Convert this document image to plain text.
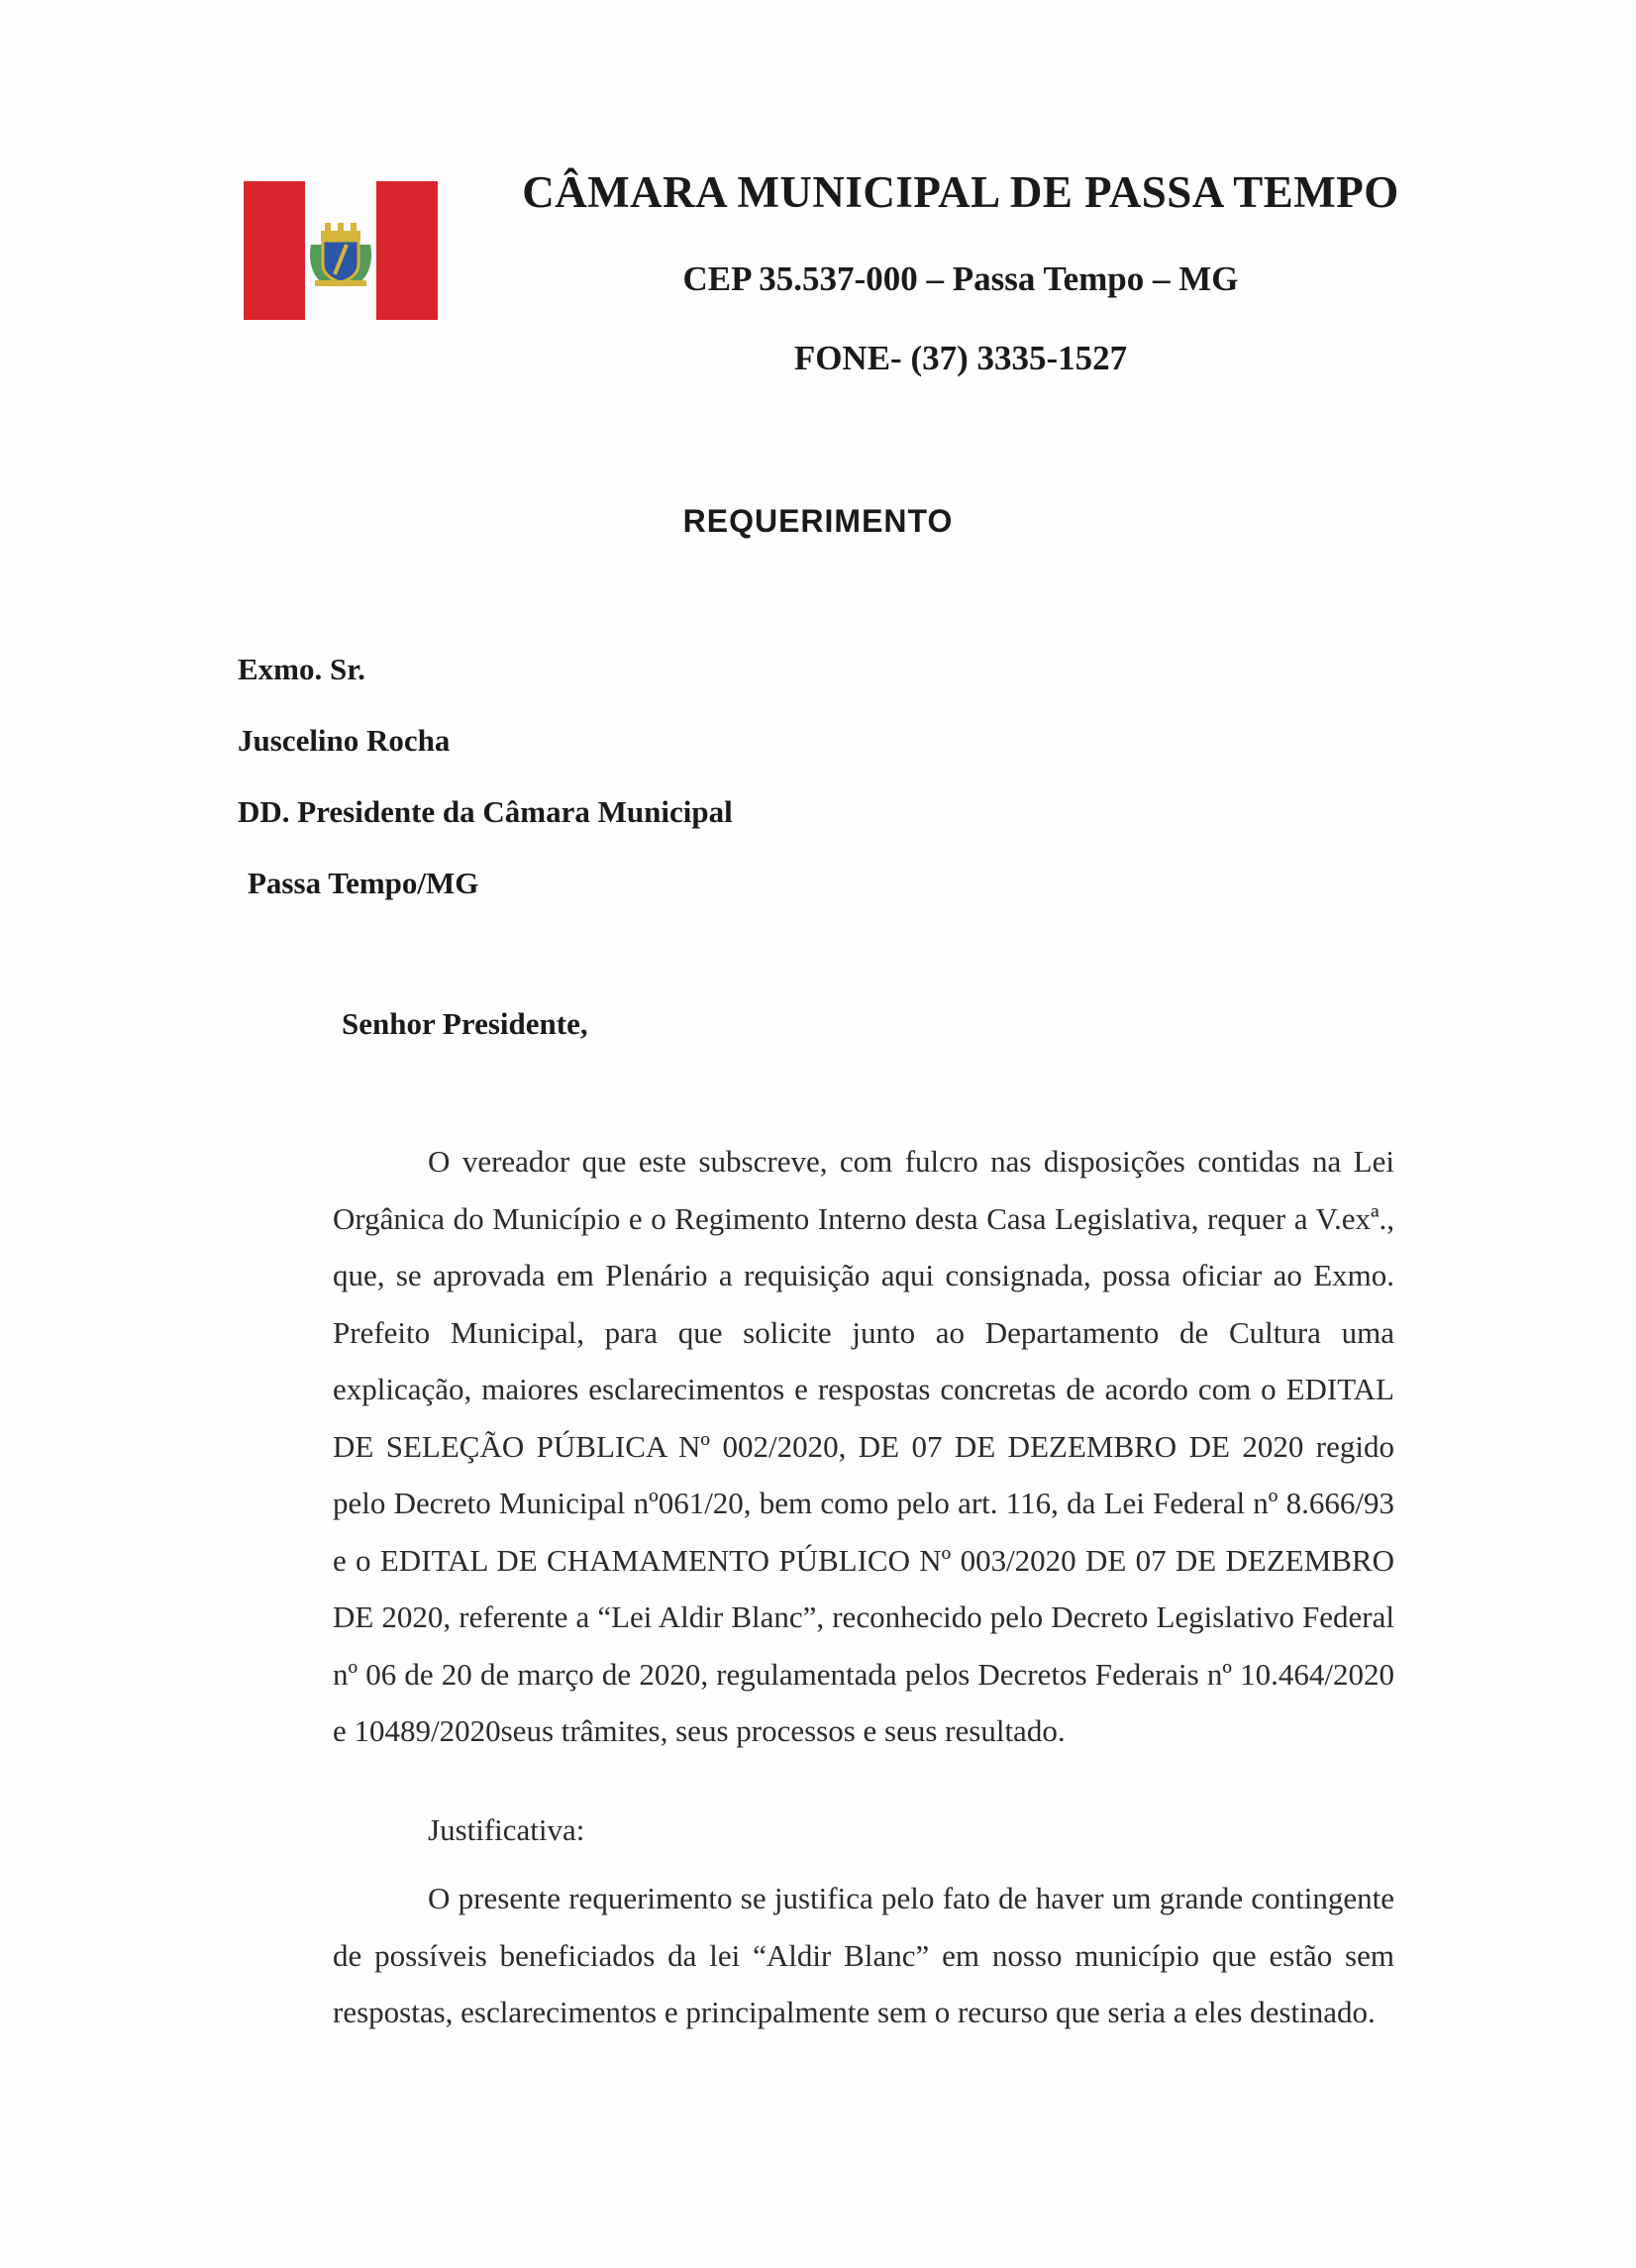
CÂMARA MUNICIPAL DE PASSA TEMPO
CEP 35.537-000 – Passa Tempo – MG
FONE- (37) 3335-1527
REQUERIMENTO
Exmo. Sr.
Juscelino Rocha
DD. Presidente da Câmara Municipal
Passa Tempo/MG
Senhor Presidente,

O vereador que este subscreve, com fulcro nas disposições contidas na Lei Orgânica do Município e o Regimento Interno desta Casa Legislativa, requer a V.exª., que, se aprovada em Plenário a requisição aqui consignada, possa oficiar ao Exmo. Prefeito Municipal, para que solicite junto ao Departamento de Cultura uma explicação, maiores esclarecimentos e respostas concretas de acordo com o EDITAL DE SELEÇÃO PÚBLICA Nº 002/2020, DE 07 DE DEZEMBRO DE 2020 regido pelo Decreto Municipal nº061/20, bem como pelo art. 116, da Lei Federal nº 8.666/93 e o EDITAL DE CHAMAMENTO PÚBLICO Nº 003/2020 DE 07 DE DEZEMBRO DE 2020, referente a “Lei Aldir Blanc”, reconhecido pelo Decreto Legislativo Federal nº 06 de 20 de março de 2020, regulamentada pelos Decretos Federais nº 10.464/2020 e 10489/2020seus trâmites, seus processos e seus resultado.

Justificativa:

O presente requerimento se justifica pelo fato de haver um grande contingente de possíveis beneficiados da lei “Aldir Blanc” em nosso município que estão sem respostas, esclarecimentos e principalmente sem o recurso que seria a eles destinado.
